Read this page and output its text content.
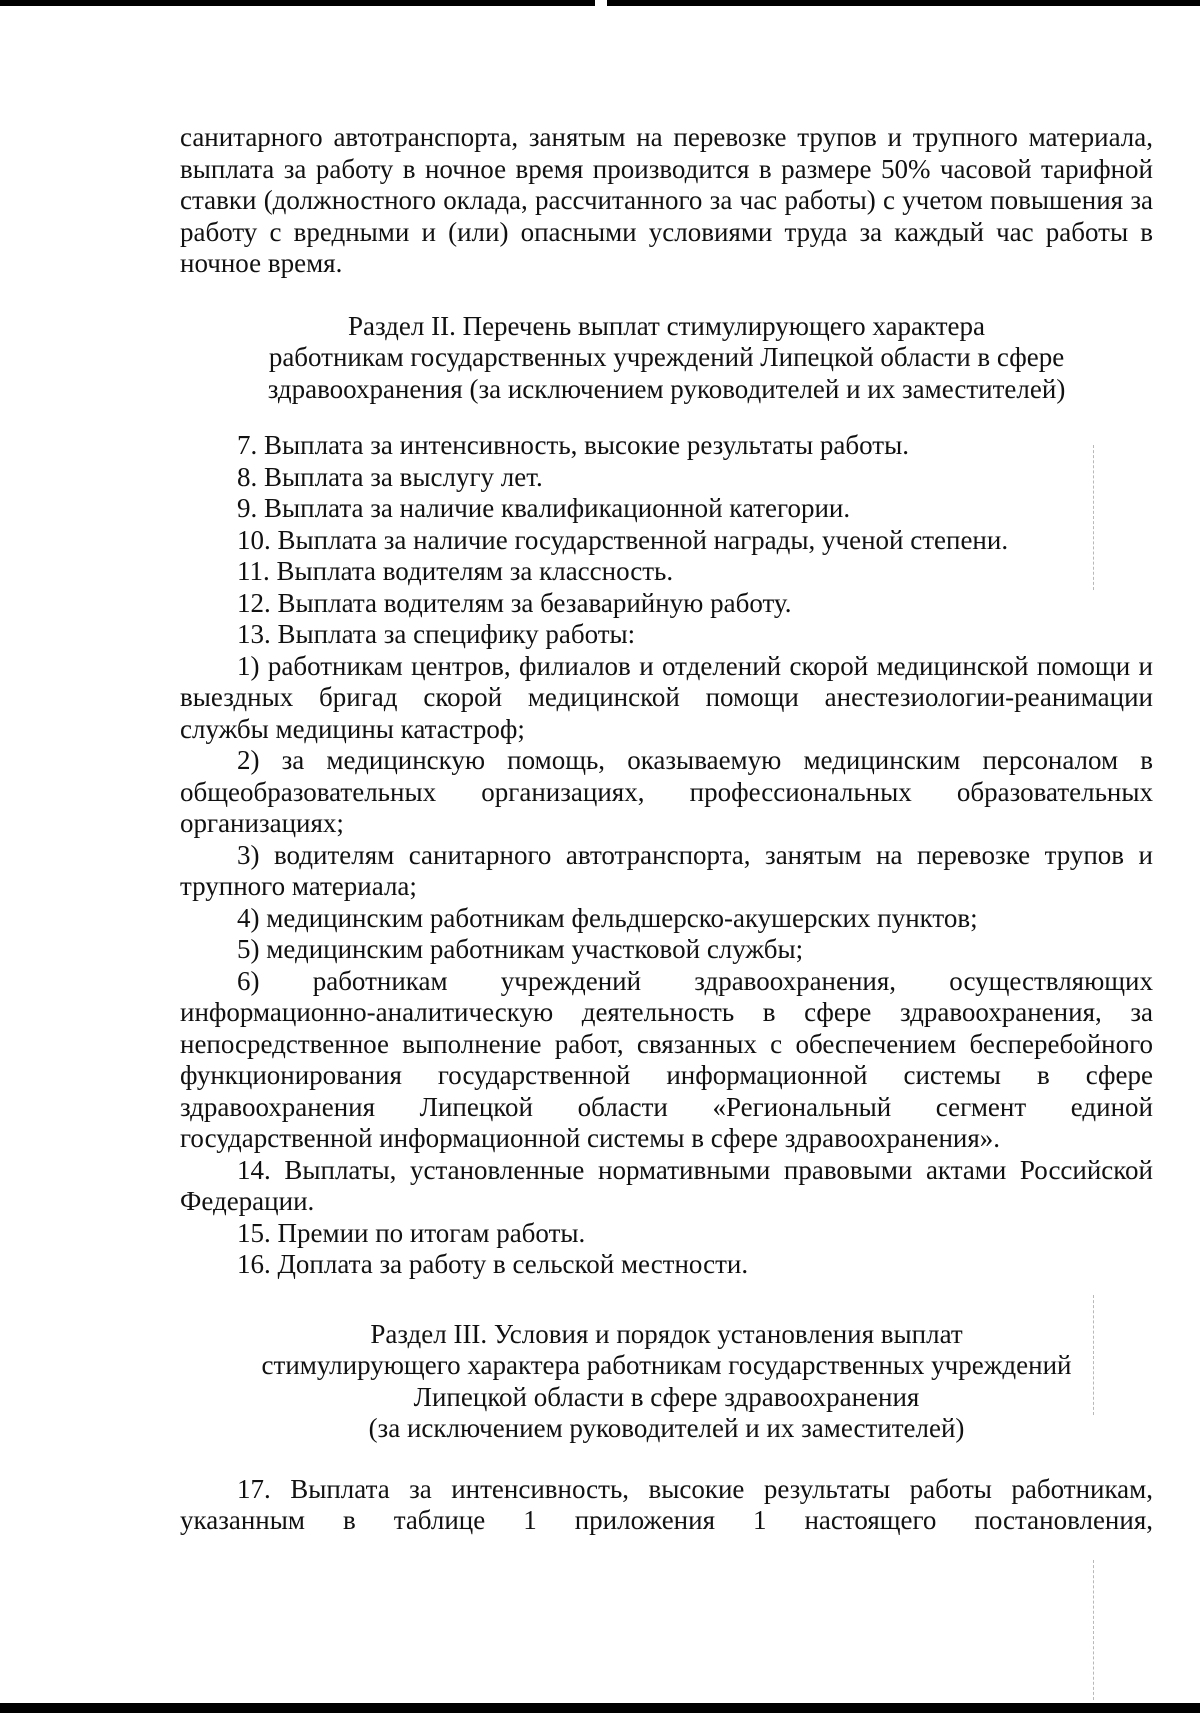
санитарного автотранспорта, занятым на перевозке трупов и трупного материала, выплата за работу в ночное время производится в размере 50% часовой тарифной ставки (должностного оклада, рассчитанного за час работы) с учетом повышения за работу с вредными и (или) опасными условиями труда за каждый час работы в ночное время.

Раздел II. Перечень выплат стимулирующего характера

работникам государственных учреждений Липецкой области в сфере

здравоохранения (за исключением руководителей и их заместителей)

7. Выплата за интенсивность, высокие результаты работы.

8. Выплата за выслугу лет.

9. Выплата за наличие квалификационной категории.

10. Выплата за наличие государственной награды, ученой степени.

11. Выплата водителям за классность.

12. Выплата водителям за безаварийную работу.

13. Выплата за специфику работы:

1) работникам центров, филиалов и отделений скорой медицинской помощи и выездных бригад скорой медицинской помощи анестезиологии-реанимации службы медицины катастроф;

2) за медицинскую помощь, оказываемую медицинским персоналом в общеобразовательных организациях, профессиональных образовательных организациях;

3) водителям санитарного автотранспорта, занятым на перевозке трупов и трупного материала;

4) медицинским работникам фельдшерско-акушерских пунктов;

5) медицинским работникам участковой службы;

6) работникам учреждений здравоохранения, осуществляющих информационно-аналитическую деятельность в сфере здравоохранения, за непосредственное выполнение работ, связанных с обеспечением бесперебойного функционирования государственной информационной системы в сфере здравоохранения Липецкой области «Региональный сегмент единой государственной информационной системы в сфере здравоохранения».

14. Выплаты, установленные нормативными правовыми актами Российской Федерации.

15. Премии по итогам работы.

16. Доплата за работу в сельской местности.

Раздел III. Условия и порядок установления выплат

стимулирующего характера работникам государственных учреждений

Липецкой области в сфере здравоохранения

(за исключением руководителей и их заместителей)

17. Выплата за интенсивность, высокие результаты работы работникам, указанным в таблице 1 приложения 1 настоящего постановления,
